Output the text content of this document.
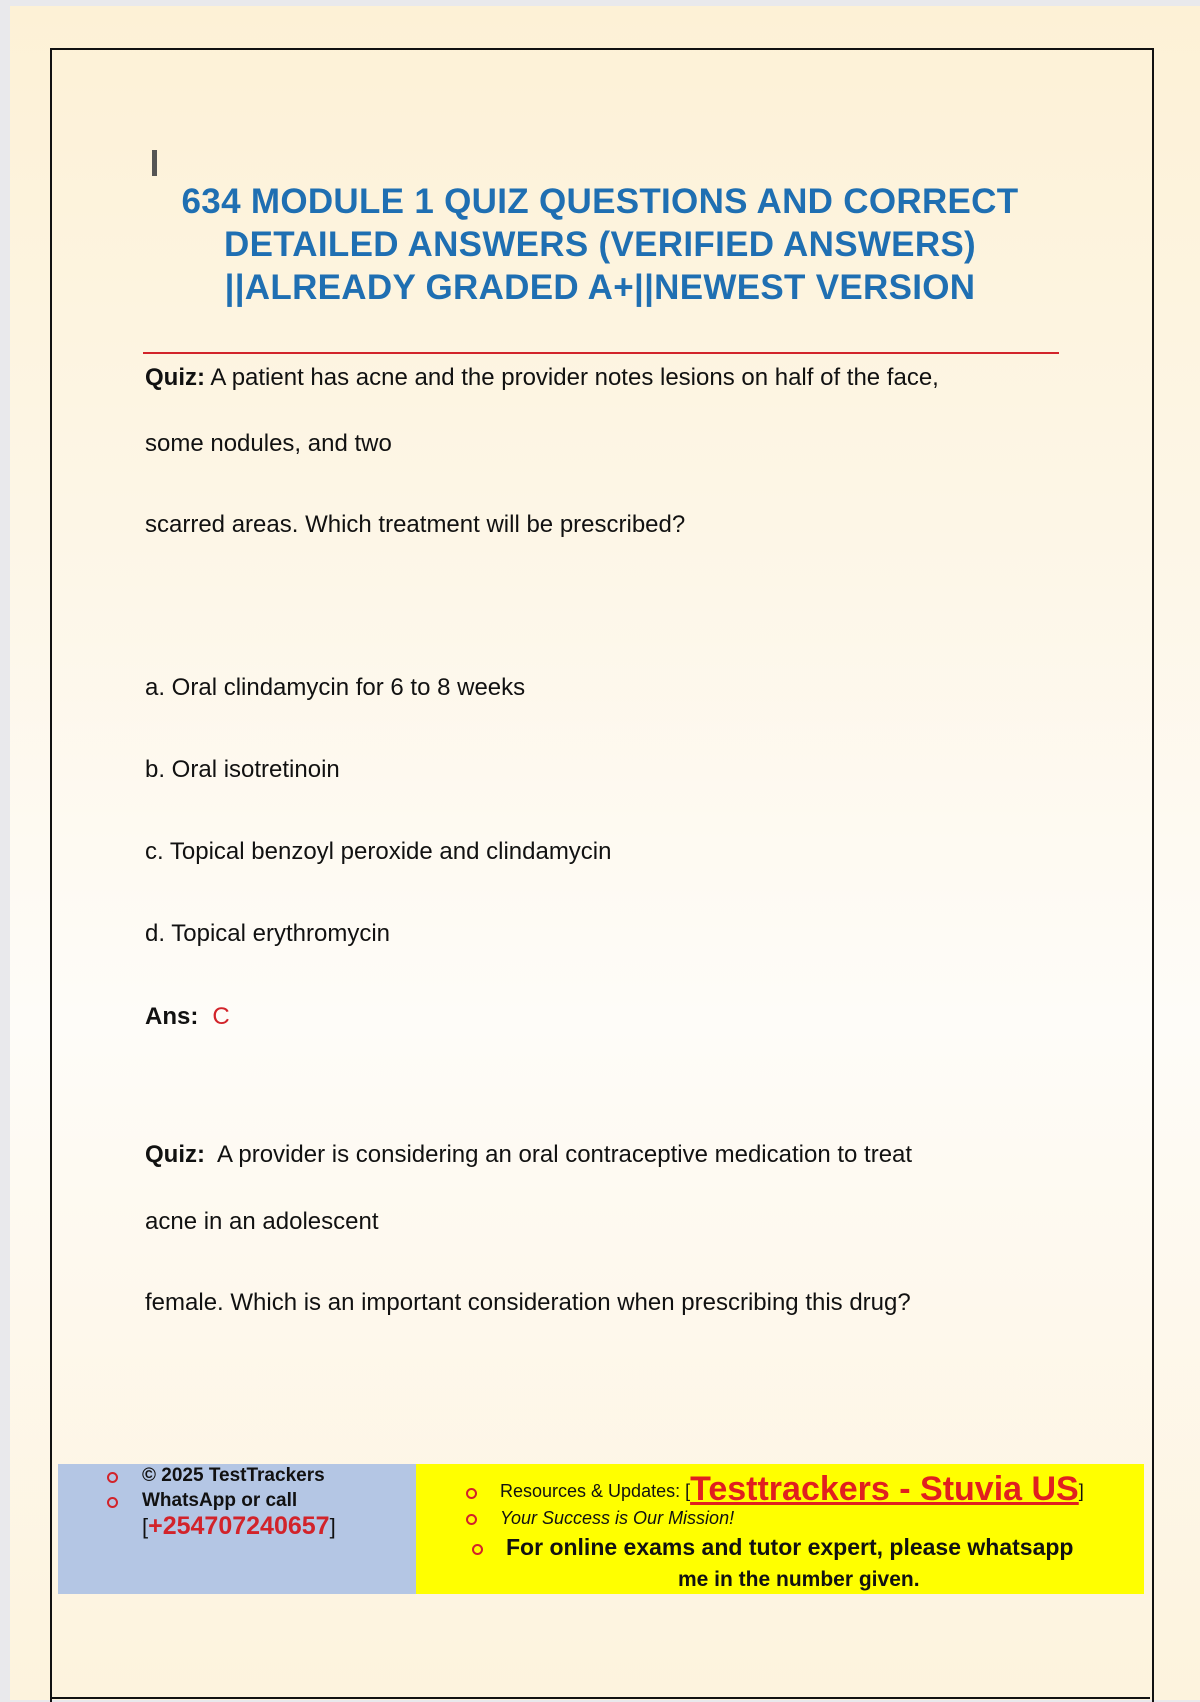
634 MODULE 1 QUIZ QUESTIONS AND CORRECT DETAILED ANSWERS (VERIFIED ANSWERS) ||ALREADY GRADED A+||NEWEST VERSION
Quiz: A patient has acne and the provider notes lesions on half of the face,
some nodules, and two
scarred areas. Which treatment will be prescribed?
a. Oral clindamycin for 6 to 8 weeks
b. Oral isotretinoin
c. Topical benzoyl peroxide and clindamycin
d. Topical erythromycin
Ans: C
Quiz: A provider is considering an oral contraceptive medication to treat
acne in an adolescent
female. Which is an important consideration when prescribing this drug?
© 2025 TestTrackers
WhatsApp or call
[+254707240657]
Resources & Updates: [Testtrackers - Stuvia US]
Your Success is Our Mission!
For online exams and tutor expert, please whatsapp
me in the number given.
